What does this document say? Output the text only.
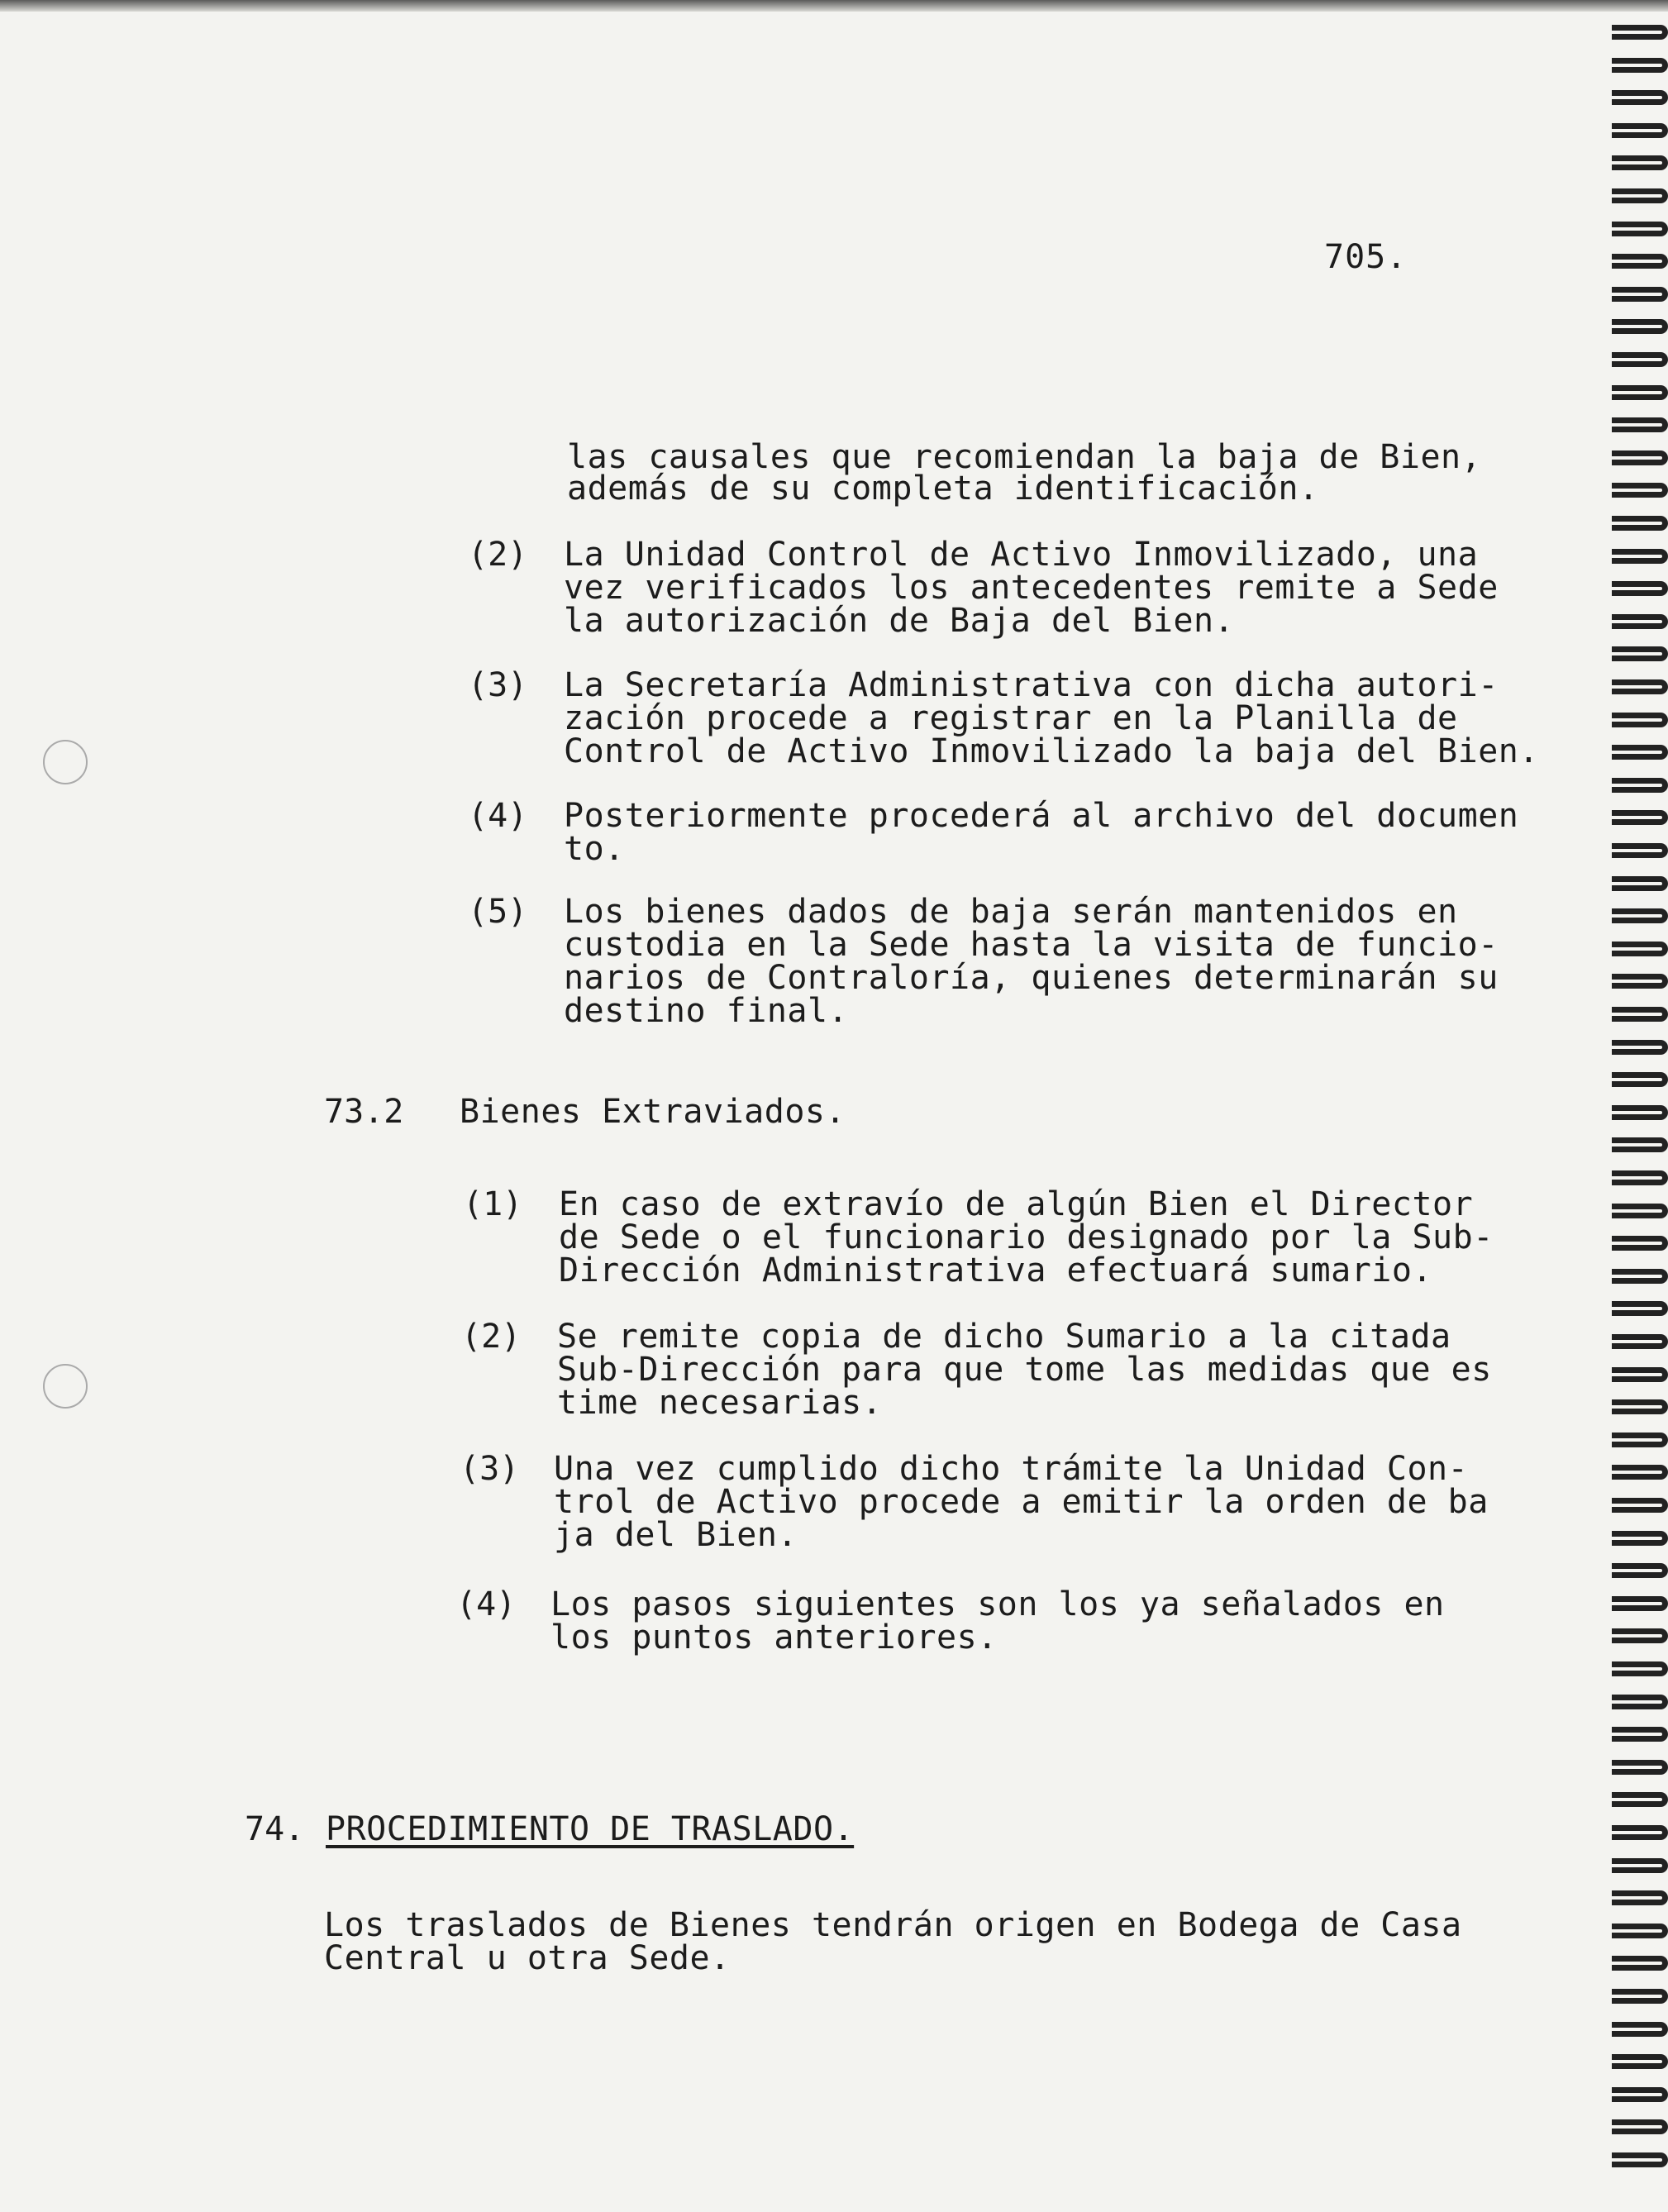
705.
las causales que recomiendan la baja de Bien,
además de su completa identificación.
(2) La Unidad Control de Activo Inmovilizado, una
vez verificados los antecedentes remite a Sede
la autorización de Baja del Bien.
(3) La Secretaría Administrativa con dicha autori-
zación procede a registrar en la Planilla de
Control de Activo Inmovilizado la baja del Bien.
(4) Posteriormente procederá al archivo del documen
to.
(5) Los bienes dados de baja serán mantenidos en
custodia en la Sede hasta la visita de funcio-
narios de Contraloría, quienes determinarán su
destino final.
73.2 Bienes Extraviados.
(1) En caso de extravío de algún Bien el Director
de Sede o el funcionario designado por la Sub-
Dirección Administrativa efectuará sumario.
(2) Se remite copia de dicho Sumario a la citada
Sub-Dirección para que tome las medidas que es
time necesarias.
(3) Una vez cumplido dicho trámite la Unidad Con-
trol de Activo procede a emitir la orden de ba
ja del Bien.
(4) Los pasos siguientes son los ya señalados en
los puntos anteriores.
74. PROCEDIMIENTO DE TRASLADO.
Los traslados de Bienes tendrán origen en Bodega de Casa
Central u otra Sede.
